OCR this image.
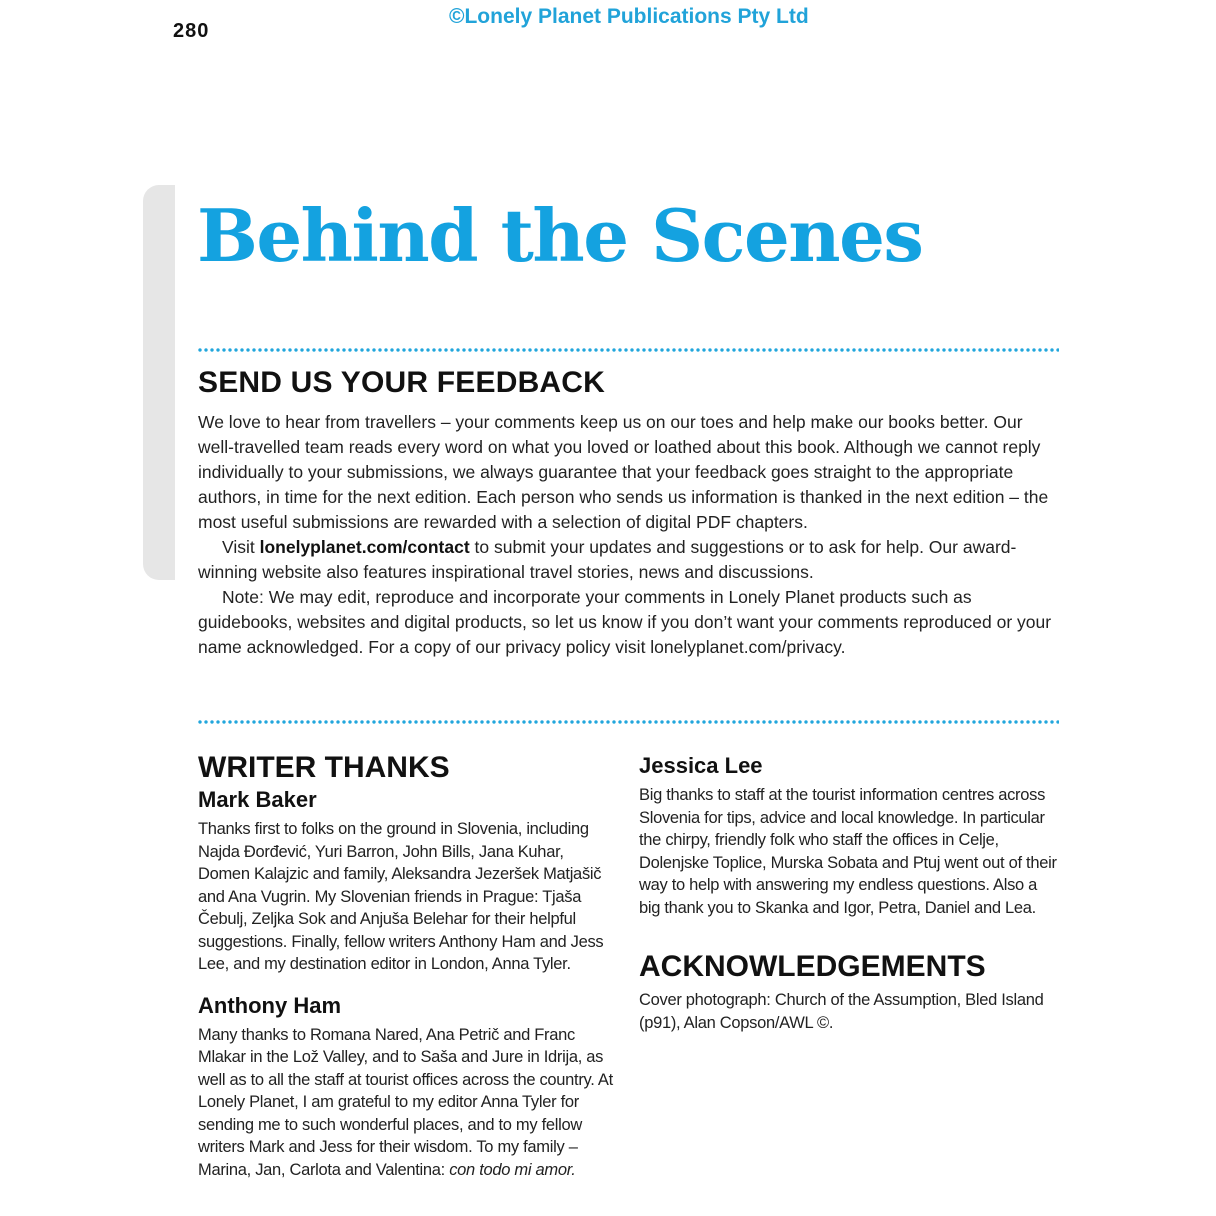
280
©Lonely Planet Publications Pty Ltd
Behind the Scenes
SEND US YOUR FEEDBACK

We love to hear from travellers – your comments keep us on our toes and help make our books better. Our well-travelled team reads every word on what you loved or loathed about this book. Although we cannot reply individually to your submissions, we always guarantee that your feedback goes straight to the appropriate authors, in time for the next edition. Each person who sends us information is thanked in the next edition – the most useful submissions are rewarded with a selection of digital PDF chapters.

Visit lonelyplanet.com/contact to submit your updates and suggestions or to ask for help. Our award-winning website also features inspirational travel stories, news and discussions.

Note: We may edit, reproduce and incorporate your comments in Lonely Planet products such as guidebooks, websites and digital products, so let us know if you don’t want your comments reproduced or your name acknowledged. For a copy of our privacy policy visit lonelyplanet.com/privacy.

WRITER THANKS
Mark Baker

Thanks first to folks on the ground in Slovenia, including Najda Đorđević, Yuri Barron, John Bills, Jana Kuhar, Domen Kalajzic and family, Aleksandra Jezeršek Matjašič and Ana Vugrin. My Slovenian friends in Prague: Tjaša Čebulj, Zeljka Sok and Anjuša Belehar for their helpful suggestions. Finally, fellow writers Anthony Ham and Jess Lee, and my destination editor in London, Anna Tyler.

Anthony Ham

Many thanks to Romana Nared, Ana Petrič and Franc Mlakar in the Lož Valley, and to Saša and Jure in Idrija, as well as to all the staff at tourist offices across the country. At Lonely Planet, I am grateful to my editor Anna Tyler for sending me to such wonderful places, and to my fellow writers Mark and Jess for their wisdom. To my family – Marina, Jan, Carlota and Valentina: con todo mi amor.

Jessica Lee

Big thanks to staff at the tourist information centres across Slovenia for tips, advice and local knowledge. In particular the chirpy, friendly folk who staff the offices in Celje, Dolenjske Toplice, Murska Sobata and Ptuj went out of their way to help with answering my endless questions. Also a big thank you to Skanka and Igor, Petra, Daniel and Lea.

ACKNOWLEDGEMENTS

Cover photograph: Church of the Assumption, Bled Island (p91), Alan Copson/AWL ©.
